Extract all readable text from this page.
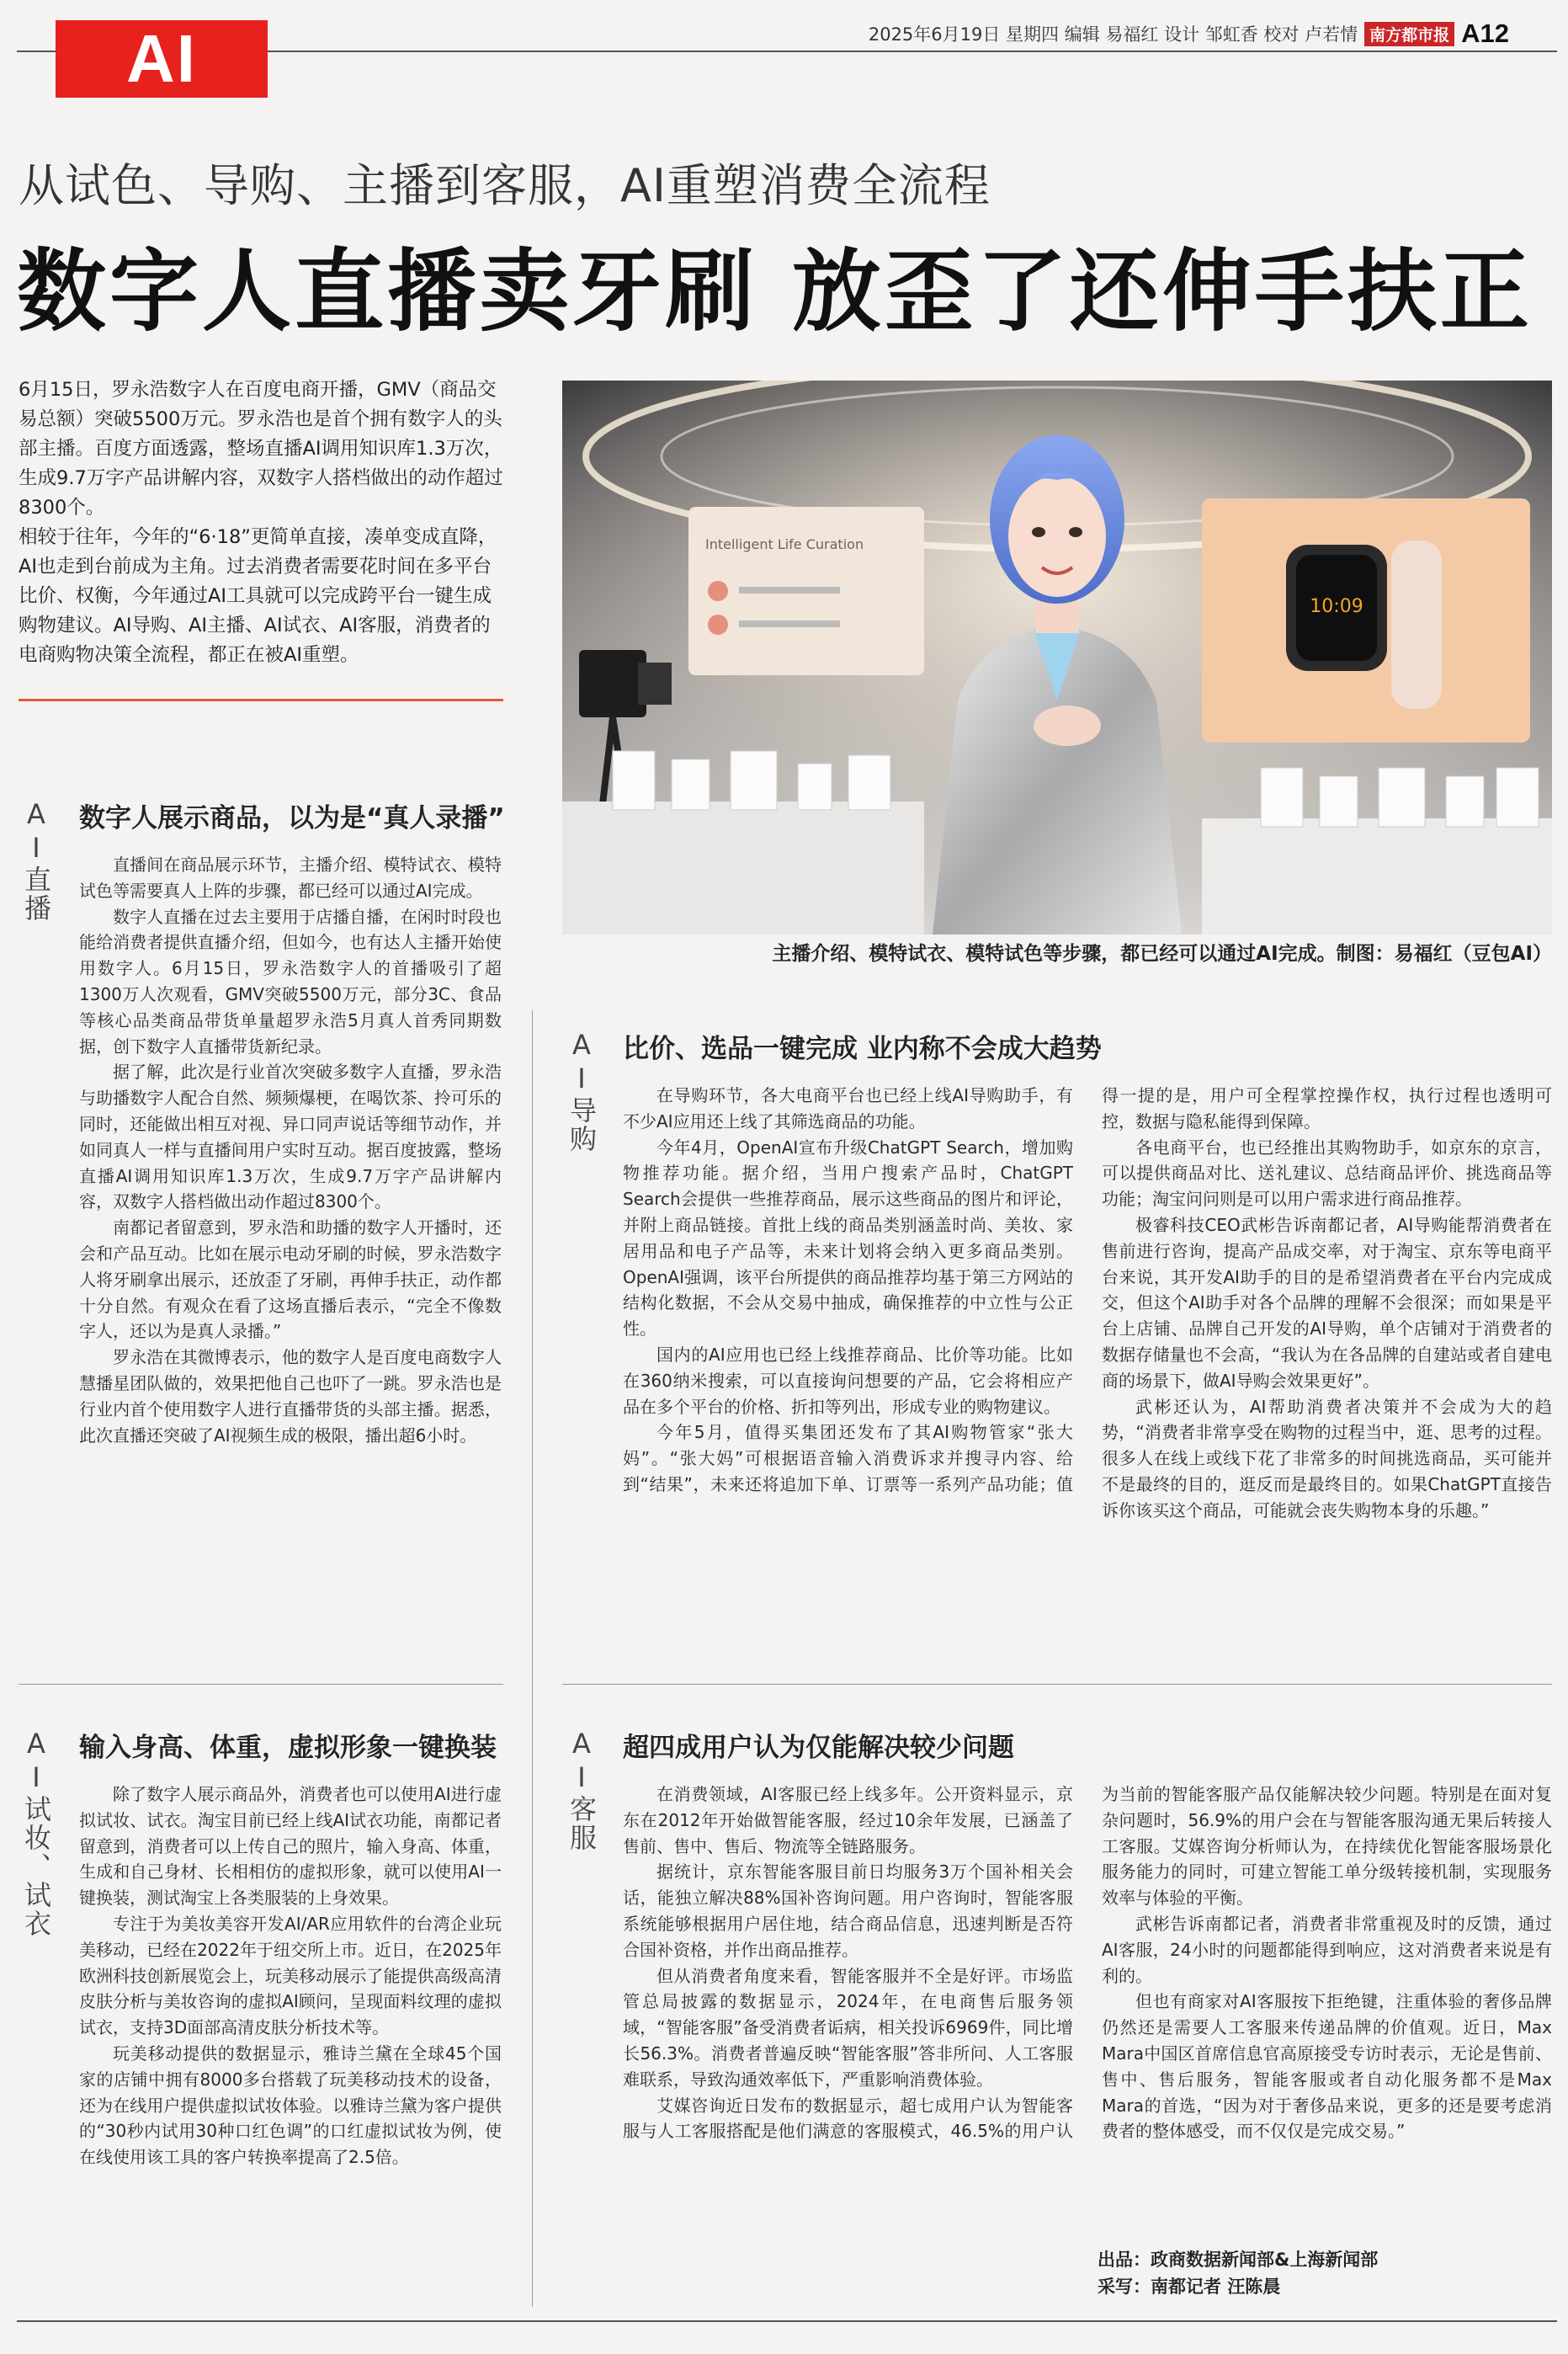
AI	2025年6月19日 星期四 编辑 易福红 设计 邹虹香 校对 卢若情 南方都市报 A12
从试色、导购、主播到客服，AI重塑消费全流程
数字人直播卖牙刷 放歪了还伸手扶正

6月15日，罗永浩数字人在百度电商开播，GMV（商品交易总额）突破5500万元。罗永浩也是首个拥有数字人的头部主播。百度方面透露，整场直播AI调用知识库1.3万次，生成9.7万字产品讲解内容，双数字人搭档做出的动作超过8300个。

相较于往年，今年的“6·18”更简单直接，凑单变成直降，AI也走到台前成为主角。过去消费者需要花时间在多平台比价、权衡，今年通过AI工具就可以完成跨平台一键生成购物建议。AI导购、AI主播、AI试衣、AI客服，消费者的电商购物决策全流程，都正在被AI重塑。

Intelligent Life Curation
10:09
主播介绍、模特试衣、模特试色等步骤，都已经可以通过AI完成。制图：易福红（豆包AI）
AI直播 数字人展示商品，以为是“真人录播”

直播间在商品展示环节，主播介绍、模特试衣、模特试色等需要真人上阵的步骤，都已经可以通过AI完成。

数字人直播在过去主要用于店播自播，在闲时时段也能给消费者提供直播介绍，但如今，也有达人主播开始使用数字人。6月15日，罗永浩数字人的首播吸引了超1300万人次观看，GMV突破5500万元，部分3C、食品等核心品类商品带货单量超罗永浩5月真人首秀同期数据，创下数字人直播带货新纪录。

据了解，此次是行业首次突破多数字人直播，罗永浩与助播数字人配合自然、频频爆梗，在喝饮茶、拎可乐的同时，还能做出相互对视、异口同声说话等细节动作，并如同真人一样与直播间用户实时互动。据百度披露，整场直播AI调用知识库1.3万次，生成9.7万字产品讲解内容，双数字人搭档做出动作超过8300个。

南都记者留意到，罗永浩和助播的数字人开播时，还会和产品互动。比如在展示电动牙刷的时候，罗永浩数字人将牙刷拿出展示，还放歪了牙刷，再伸手扶正，动作都十分自然。有观众在看了这场直播后表示，“完全不像数字人，还以为是真人录播。”

罗永浩在其微博表示，他的数字人是百度电商数字人慧播星团队做的，效果把他自己也吓了一跳。罗永浩也是行业内首个使用数字人进行直播带货的头部主播。据悉，此次直播还突破了AI视频生成的极限，播出超6小时。

AI导购 比价、选品一键完成 业内称不会成大趋势

在导购环节，各大电商平台也已经上线AI导购助手，有不少AI应用还上线了其筛选商品的功能。

今年4月，OpenAI宣布升级ChatGPT Search，增加购物推荐功能。据介绍，当用户搜索产品时，ChatGPT Search会提供一些推荐商品，展示这些商品的图片和评论，并附上商品链接。首批上线的商品类别涵盖时尚、美妆、家居用品和电子产品等，未来计划将会纳入更多商品类别。OpenAI强调，该平台所提供的商品推荐均基于第三方网站的结构化数据，不会从交易中抽成，确保推荐的中立性与公正性。

国内的AI应用也已经上线推荐商品、比价等功能。比如在360纳米搜索，可以直接询问想要的产品，它会将相应产品在多个平台的价格、折扣等列出，形成专业的购物建议。

今年5月，值得买集团还发布了其AI购物管家“张大妈”。“张大妈”可根据语音输入消费诉求并搜寻内容、给到“结果”，未来还将追加下单、订票等一系列产品功能；值得一提的是，用户可全程掌控操作权，执行过程也透明可控，数据与隐私能得到保障。

各电商平台，也已经推出其购物助手，如京东的京言，可以提供商品对比、送礼建议、总结商品评价、挑选商品等功能；淘宝问问则是可以用户需求进行商品推荐。

极睿科技CEO武彬告诉南都记者，AI导购能帮消费者在售前进行咨询，提高产品成交率，对于淘宝、京东等电商平台来说，其开发AI助手的目的是希望消费者在平台内完成成交，但这个AI助手对各个品牌的理解不会很深；而如果是平台上店铺、品牌自己开发的AI导购，单个店铺对于消费者的数据存储量也不会高，“我认为在各品牌的自建站或者自建电商的场景下，做AI导购会效果更好”。

武彬还认为，AI帮助消费者决策并不会成为大的趋势，“消费者非常享受在购物的过程当中，逛、思考的过程。很多人在线上或线下花了非常多的时间挑选商品，买可能并不是最终的目的，逛反而是最终目的。如果ChatGPT直接告诉你该买这个商品，可能就会丧失购物本身的乐趣。”

AI试妆、试衣 输入身高、体重，虚拟形象一键换装

除了数字人展示商品外，消费者也可以使用AI进行虚拟试妆、试衣。淘宝目前已经上线AI试衣功能，南都记者留意到，消费者可以上传自己的照片，输入身高、体重，生成和自己身材、长相相仿的虚拟形象，就可以使用AI一键换装，测试淘宝上各类服装的上身效果。

专注于为美妆美容开发AI/AR应用软件的台湾企业玩美移动，已经在2022年于纽交所上市。近日，在2025年欧洲科技创新展览会上，玩美移动展示了能提供高级高清皮肤分析与美妆咨询的虚拟AI顾问，呈现面料纹理的虚拟试衣，支持3D面部高清皮肤分析技术等。

玩美移动提供的数据显示，雅诗兰黛在全球45个国家的店铺中拥有8000多台搭载了玩美移动技术的设备，还为在线用户提供虚拟试妆体验。以雅诗兰黛为客户提供的“30秒内试用30种口红色调”的口红虚拟试妆为例，使在线使用该工具的客户转换率提高了2.5倍。

AI客服 超四成用户认为仅能解决较少问题

在消费领域，AI客服已经上线多年。公开资料显示，京东在2012年开始做智能客服，经过10余年发展，已涵盖了售前、售中、售后、物流等全链路服务。

据统计，京东智能客服目前日均服务3万个国补相关会话，能独立解决88%国补咨询问题。用户咨询时，智能客服系统能够根据用户居住地，结合商品信息，迅速判断是否符合国补资格，并作出商品推荐。

但从消费者角度来看，智能客服并不全是好评。市场监管总局披露的数据显示，2024年，在电商售后服务领域，“智能客服”备受消费者诟病，相关投诉6969件，同比增长56.3%。消费者普遍反映“智能客服”答非所问、人工客服难联系，导致沟通效率低下，严重影响消费体验。

艾媒咨询近日发布的数据显示，超七成用户认为智能客服与人工客服搭配是他们满意的客服模式，46.5%的用户认为当前的智能客服产品仅能解决较少问题。特别是在面对复杂问题时，56.9%的用户会在与智能客服沟通无果后转接人工客服。艾媒咨询分析师认为，在持续优化智能客服场景化服务能力的同时，可建立智能工单分级转接机制，实现服务效率与体验的平衡。

武彬告诉南都记者，消费者非常重视及时的反馈，通过AI客服，24小时的问题都能得到响应，这对消费者来说是有利的。

但也有商家对AI客服按下拒绝键，注重体验的奢侈品牌仍然还是需要人工客服来传递品牌的价值观。近日，Max Mara中国区首席信息官高原接受专访时表示，无论是售前、售中、售后服务，智能客服或者自动化服务都不是Max Mara的首选，“因为对于奢侈品来说，更多的还是要考虑消费者的整体感受，而不仅仅是完成交易。”

出品：政商数据新闻部&上海新闻部

采写：南都记者 汪陈晨
